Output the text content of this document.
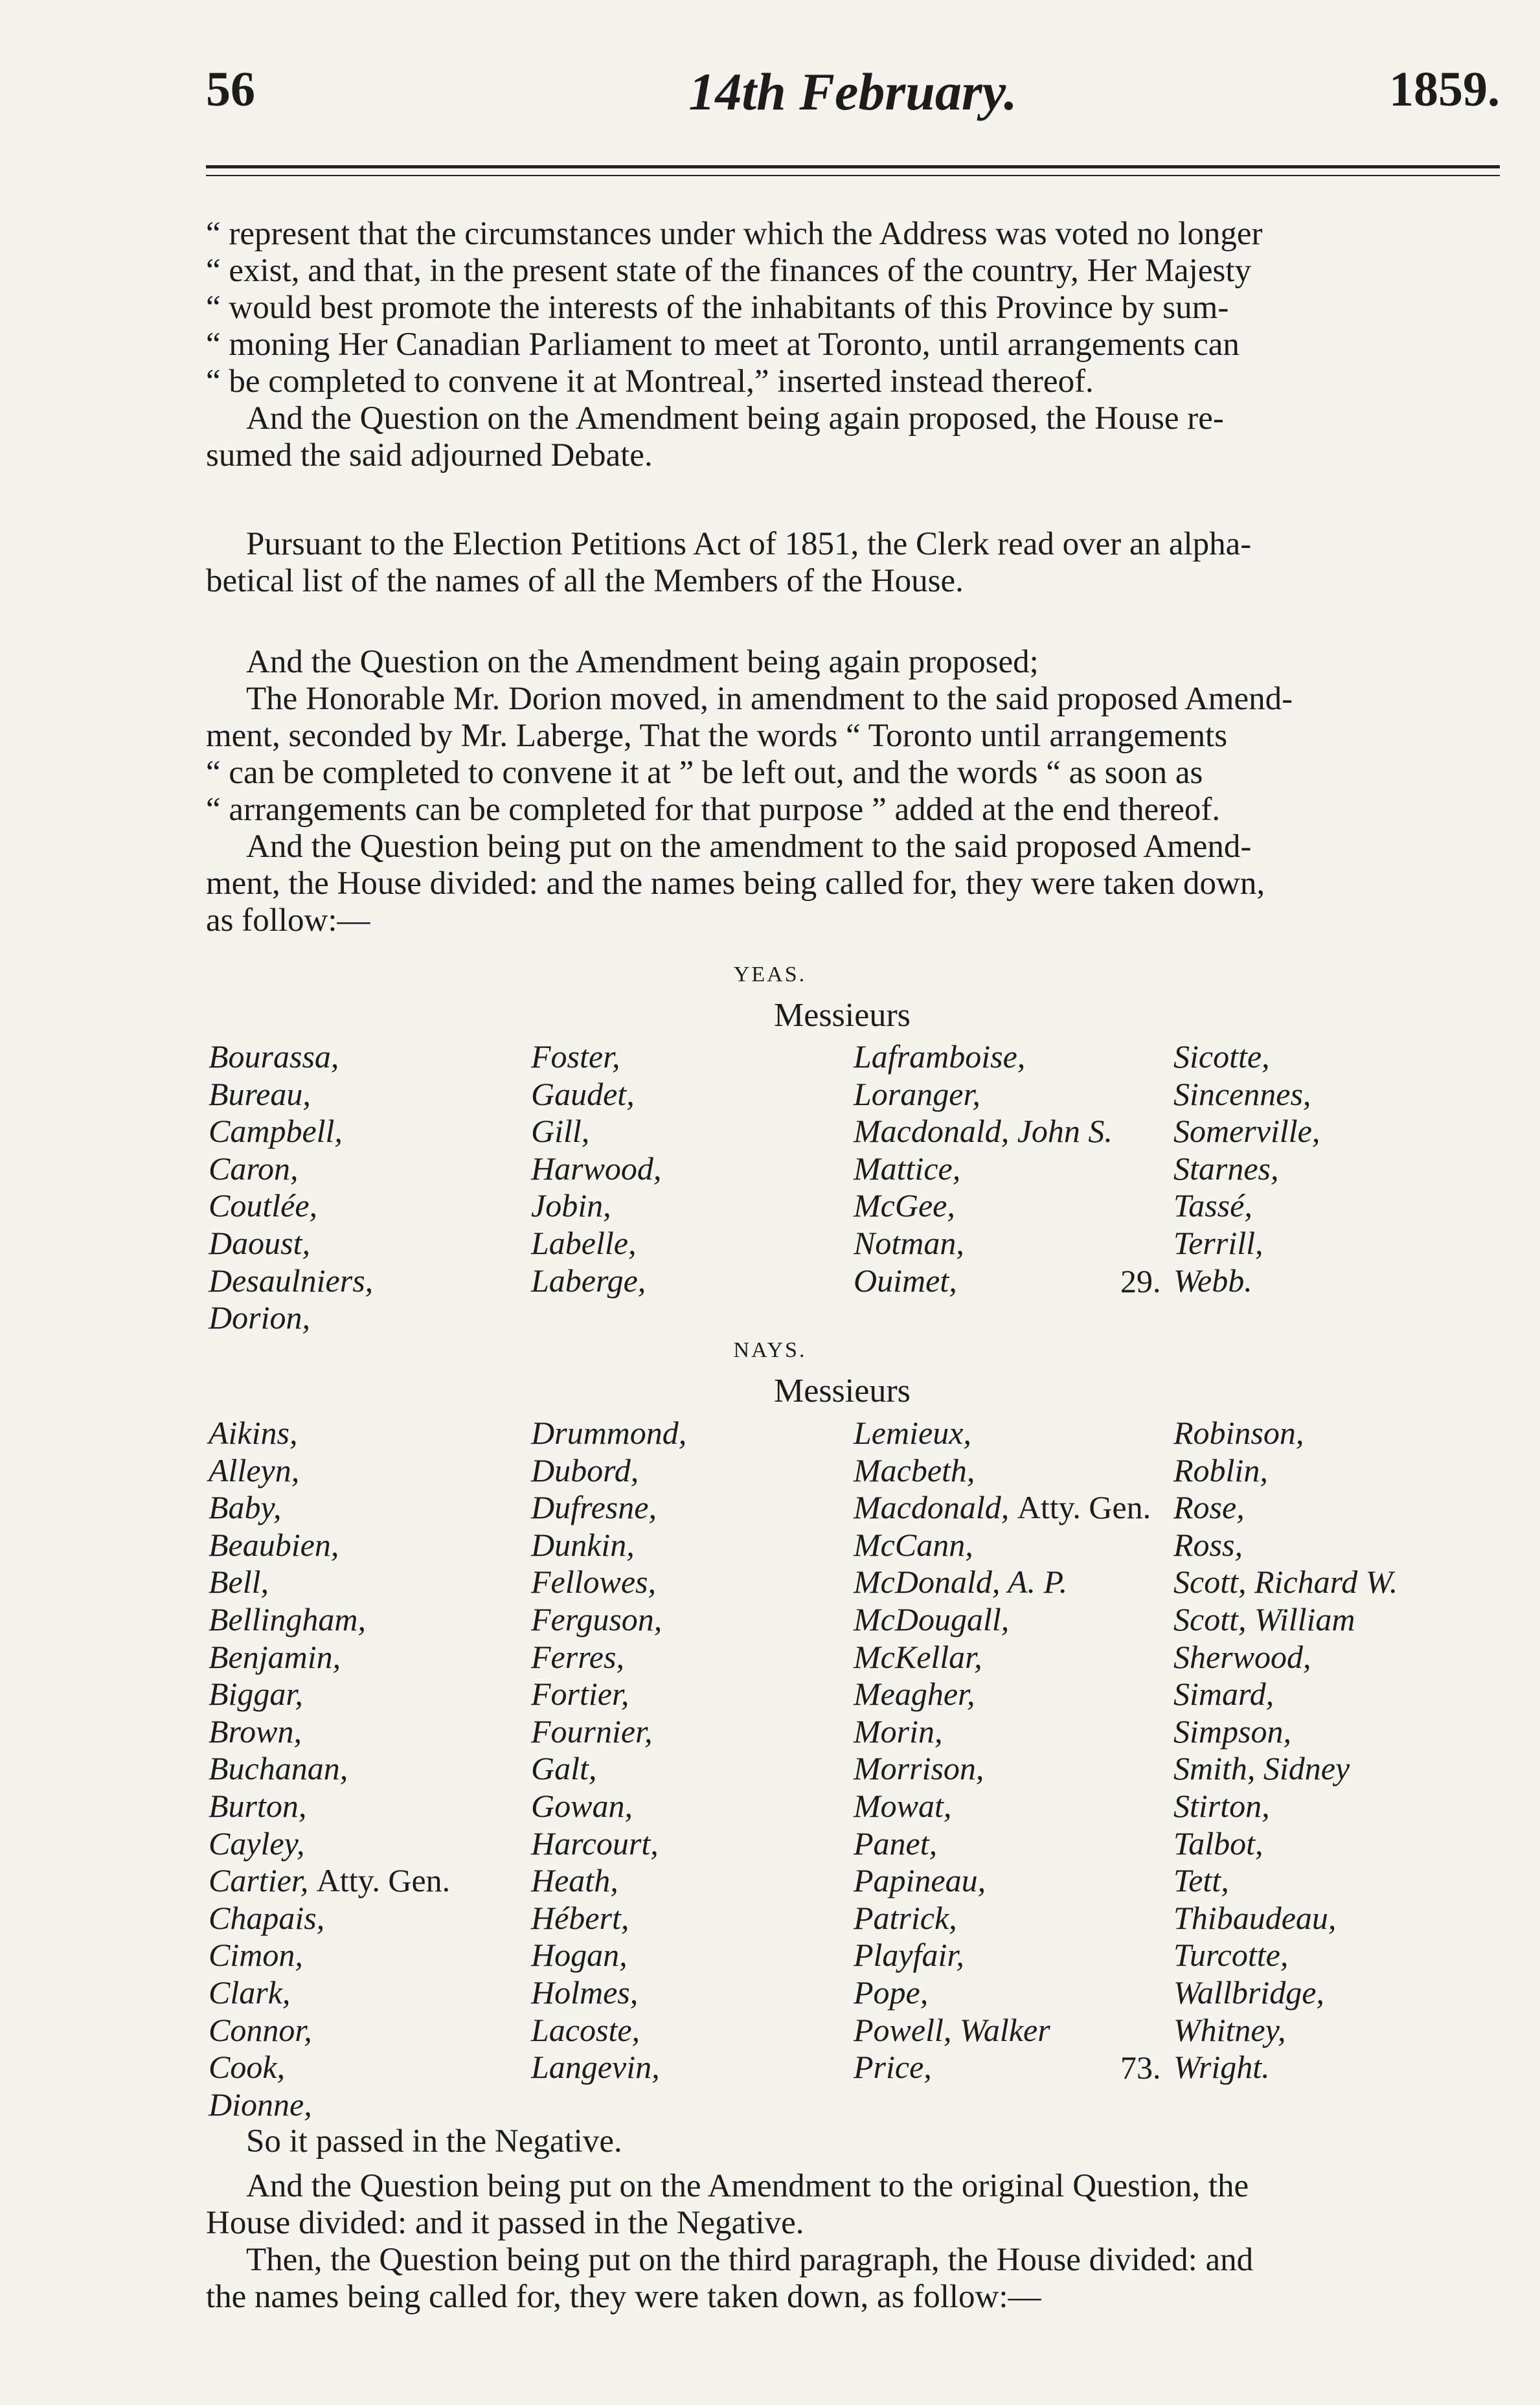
56	14th February.	1859.
“ represent that the circumstances under which the Address was voted no longer
“ exist, and that, in the present state of the finances of the country, Her Majesty
“ would best promote the interests of the inhabitants of this Province by sum-
“ moning Her Canadian Parliament to meet at Toronto, until arrangements can
“ be completed to convene it at Montreal,” inserted instead thereof.
And the Question on the Amendment being again proposed, the House re-
sumed the said adjourned Debate.
Pursuant to the Election Petitions Act of 1851, the Clerk read over an alpha-
betical list of the names of all the Members of the House.
And the Question on the Amendment being again proposed;
The Honorable Mr. Dorion moved, in amendment to the said proposed Amend-
ment, seconded by Mr. Laberge, That the words “ Toronto until arrangements
“ can be completed to convene it at ” be left out, and the words “ as soon as
“ arrangements can be completed for that purpose ” added at the end thereof.
And the Question being put on the amendment to the said proposed Amend-
ment, the House divided: and the names being called for, they were taken down,
as follow:—
YEAS.
Messieurs
Bourassa,
Bureau,
Campbell,
Caron,
Coutlée,
Daoust,
Desaulniers,
Dorion,
Foster,
Gaudet,
Gill,
Harwood,
Jobin,
Labelle,
Laberge,
Laframboise,
Loranger,
Macdonald, John S.
Mattice,
McGee,
Notman,
Ouimet,
Sicotte,
Sincennes,
Somerville,
Starnes,
Tassé,
Terrill,
Webb.
29.
NAYS.
Messieurs
Aikins,
Alleyn,
Baby,
Beaubien,
Bell,
Bellingham,
Benjamin,
Biggar,
Brown,
Buchanan,
Burton,
Cayley,
Cartier, Atty. Gen.
Chapais,
Cimon,
Clark,
Connor,
Cook,
Dionne,
Drummond,
Dubord,
Dufresne,
Dunkin,
Fellowes,
Ferguson,
Ferres,
Fortier,
Fournier,
Galt,
Gowan,
Harcourt,
Heath,
Hébert,
Hogan,
Holmes,
Lacoste,
Langevin,
Lemieux,
Macbeth,
Macdonald, Atty. Gen.
McCann,
McDonald, A. P.
McDougall,
McKellar,
Meagher,
Morin,
Morrison,
Mowat,
Panet,
Papineau,
Patrick,
Playfair,
Pope,
Powell, Walker
Price,
Robinson,
Roblin,
Rose,
Ross,
Scott, Richard W.
Scott, William
Sherwood,
Simard,
Simpson,
Smith, Sidney
Stirton,
Talbot,
Tett,
Thibaudeau,
Turcotte,
Wallbridge,
Whitney,
Wright.
73.
So it passed in the Negative.
And the Question being put on the Amendment to the original Question, the
House divided: and it passed in the Negative.
Then, the Question being put on the third paragraph, the House divided: and
the names being called for, they were taken down, as follow:—
